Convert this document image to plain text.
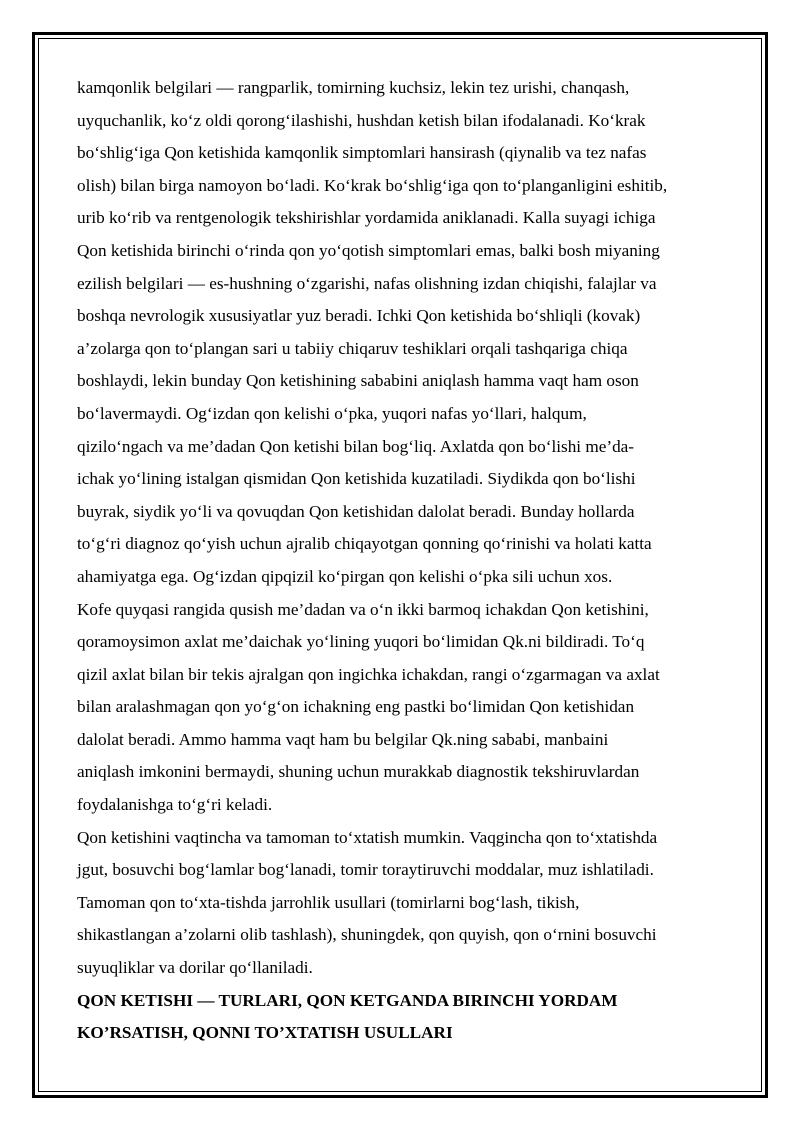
kamqonlik belgilari — rangparlik, tomirning kuchsiz, lekin tez urishi, chanqash,

uyquchanlik, ko‘z oldi qorong‘ilashishi, hushdan ketish bilan ifodalanadi. Ko‘krak

bo‘shlig‘iga Qon ketishida kamqonlik simptomlari hansirash (qiynalib va tez nafas

olish) bilan birga namoyon bo‘ladi. Ko‘krak bo‘shlig‘iga qon to‘planganligini eshitib,

urib ko‘rib va rentgenologik tekshirishlar yordamida aniklanadi. Kalla suyagi ichiga

Qon ketishida birinchi o‘rinda qon yo‘qotish simptomlari emas, balki bosh miyaning

ezilish belgilari — es-hushning o‘zgarishi, nafas olishning izdan chiqishi, falajlar va

boshqa nevrologik xususiyatlar yuz beradi. Ichki Qon ketishida bo‘shliqli (kovak)

a’zolarga qon to‘plangan sari u tabiiy chiqaruv teshiklari orqali tashqariga chiqa

boshlaydi, lekin bunday Qon ketishining sababini aniqlash hamma vaqt ham oson

bo‘lavermaydi. Og‘izdan qon kelishi o‘pka, yuqori nafas yo‘llari, halqum,

qizilo‘ngach va me’dadan Qon ketishi bilan bog‘liq. Axlatda qon bo‘lishi me’da-

ichak yo‘lining istalgan qismidan Qon ketishida kuzatiladi. Siydikda qon bo‘lishi

buyrak, siydik yo‘li va qovuqdan Qon ketishidan dalolat beradi. Bunday hollarda

to‘g‘ri diagnoz qo‘yish uchun ajralib chiqayotgan qonning qo‘rinishi va holati katta

ahamiyatga ega. Og‘izdan qipqizil ko‘pirgan qon kelishi o‘pka sili uchun xos.

Kofe quyqasi rangida qusish me’dadan va o‘n ikki barmoq ichakdan Qon ketishini,

qoramoysimon axlat me’daichak yo‘lining yuqori bo‘limidan Qk.ni bildiradi. To‘q

qizil axlat bilan bir tekis ajralgan qon ingichka ichakdan, rangi o‘zgarmagan va axlat

bilan aralashmagan qon yo‘g‘on ichakning eng pastki bo‘limidan Qon ketishidan

dalolat beradi. Ammo hamma vaqt ham bu belgilar Qk.ning sababi, manbaini

aniqlash imkonini bermaydi, shuning uchun murakkab diagnostik tekshiruvlardan

foydalanishga to‘g‘ri keladi.

Qon ketishini vaqtincha va tamoman to‘xtatish mumkin. Vaqgincha qon to‘xtatishda

jgut, bosuvchi bog‘lamlar bog‘lanadi, tomir toraytiruvchi moddalar, muz ishlatiladi.

Tamoman qon to‘xta-tishda jarrohlik usullari (tomirlarni bog‘lash, tikish,

shikastlangan a’zolarni olib tashlash), shuningdek, qon quyish, qon o‘rnini bosuvchi

suyuqliklar va dorilar qo‘llaniladi.

QON KETISHI — TURLARI, QON KETGANDA BIRINCHI YORDAM

KO’RSATISH, QONNI TO’XTATISH USULLARI
